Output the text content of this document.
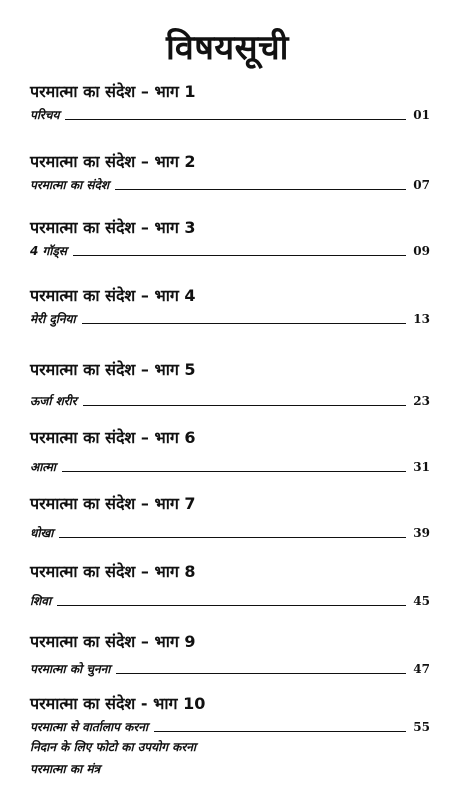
विषयसूची
परमात्मा का संदेश – भाग 1
परिचय	01
परमात्मा का संदेश – भाग 2
परमात्मा का संदेश	07
परमात्मा का संदेश – भाग 3
4 गॉड्स	09
परमात्मा का संदेश – भाग 4
मेरी दुनिया	13
परमात्मा का संदेश – भाग 5
ऊर्जा शरीर	23
परमात्मा का संदेश – भाग 6
आत्मा	31
परमात्मा का संदेश – भाग 7
धोखा	39
परमात्मा का संदेश – भाग 8
शिवा	45
परमात्मा का संदेश – भाग 9
परमात्मा को चुनना	47
परमात्मा का संदेश - भाग 10
परमात्मा से वार्तालाप करना	55
निदान के लिए फोटो का उपयोग करना
परमात्मा का मंत्र
